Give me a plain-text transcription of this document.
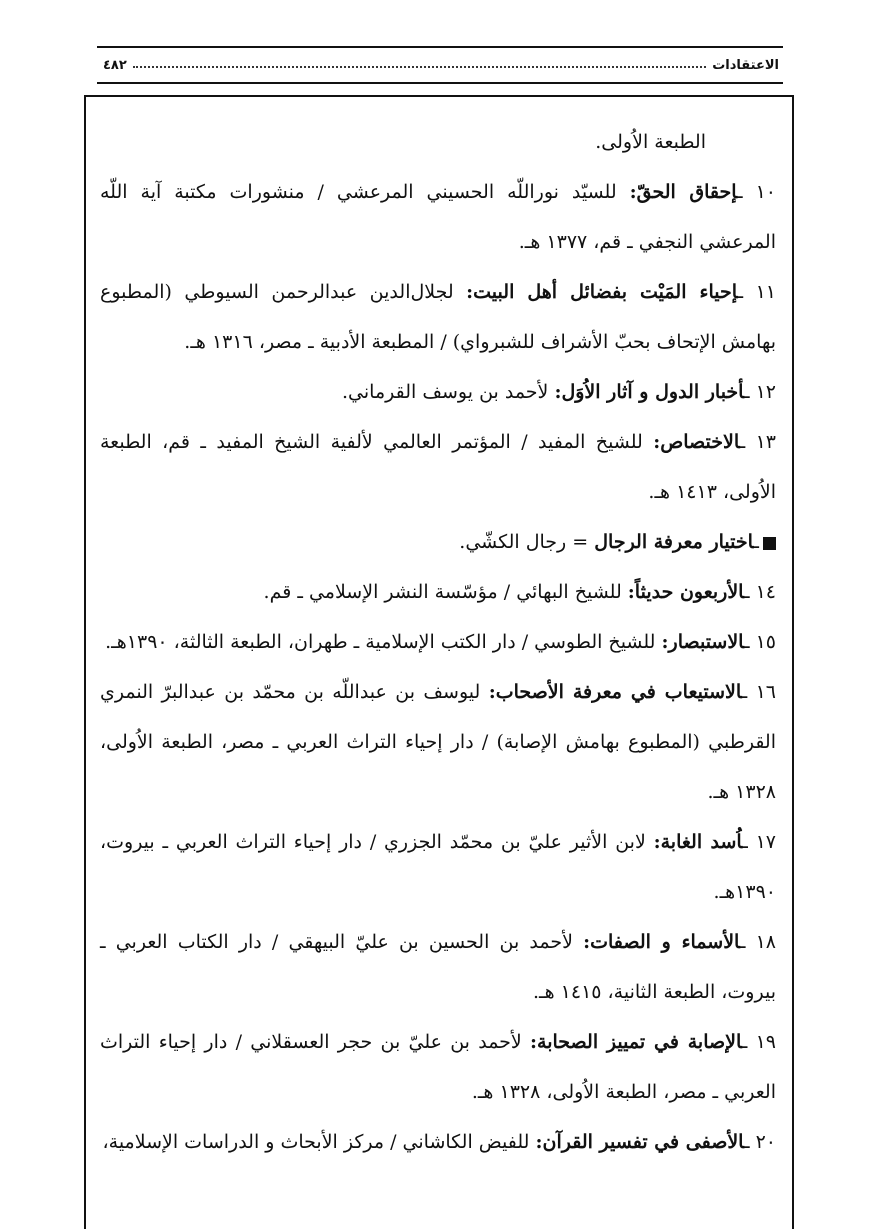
٤٨٢	الاعتقادات

الطبعة الاُولى.

١٠ ـإحقاق الحقّ: للسيّد نوراللّه الحسيني المرعشي / منشورات مكتبة آية اللّه المرعشي النجفي ـ قم، ١٣٧٧ هـ.

١١ ـإحياء المَيْت بفضائل أهل البيت: لجلال‌الدين عبدالرحمن السيوطي (المطبوع بهامش الإتحاف بحبّ الأشراف للشبرواي) / المطبعة الأدبية ـ مصر، ١٣١٦ هـ.

١٢ ـأخبار الدول و آثار الاُوَل: لأحمد بن يوسف القرماني.

١٣ ـالاختصاص: للشيخ المفيد / المؤتمر العالمي لألفية الشيخ المفيد ـ قم، الطبعة الاُولى، ١٤١٣ هـ.

ـاختيار معرفة الرجال = رجال الكشّي.

١٤ ـالأربعون حديثاً: للشيخ البهائي / مؤسّسة النشر الإسلامي ـ قم.

١٥ ـالاستبصار: للشيخ الطوسي / دار الكتب الإسلامية ـ طهران، الطبعة الثالثة، ١٣٩٠هـ.

١٦ ـالاستيعاب في معرفة الأصحاب: ليوسف بن عبداللّه بن محمّد بن عبدالبرّ النمري القرطبي (المطبوع بهامش الإصابة) / دار إحياء التراث العربي ـ مصر، الطبعة الاُولى، ١٣٢٨ هـ.

١٧ ـاُسد الغابة: لابن الأثير عليّ بن محمّد الجزري / دار إحياء التراث العربي ـ بيروت، ١٣٩٠هـ.

١٨ ـالأسماء و الصفات: لأحمد بن الحسين بن عليّ البيهقي / دار الكتاب العربي ـ بيروت، الطبعة الثانية، ١٤١٥ هـ.

١٩ ـالإصابة في تمييز الصحابة: لأحمد بن عليّ بن حجر العسقلاني / دار إحياء التراث العربي ـ مصر، الطبعة الاُولى، ١٣٢٨ هـ.

٢٠ ـالأصفى في تفسير القرآن: للفيض الكاشاني / مركز الأبحاث و الدراسات الإسلامية،
